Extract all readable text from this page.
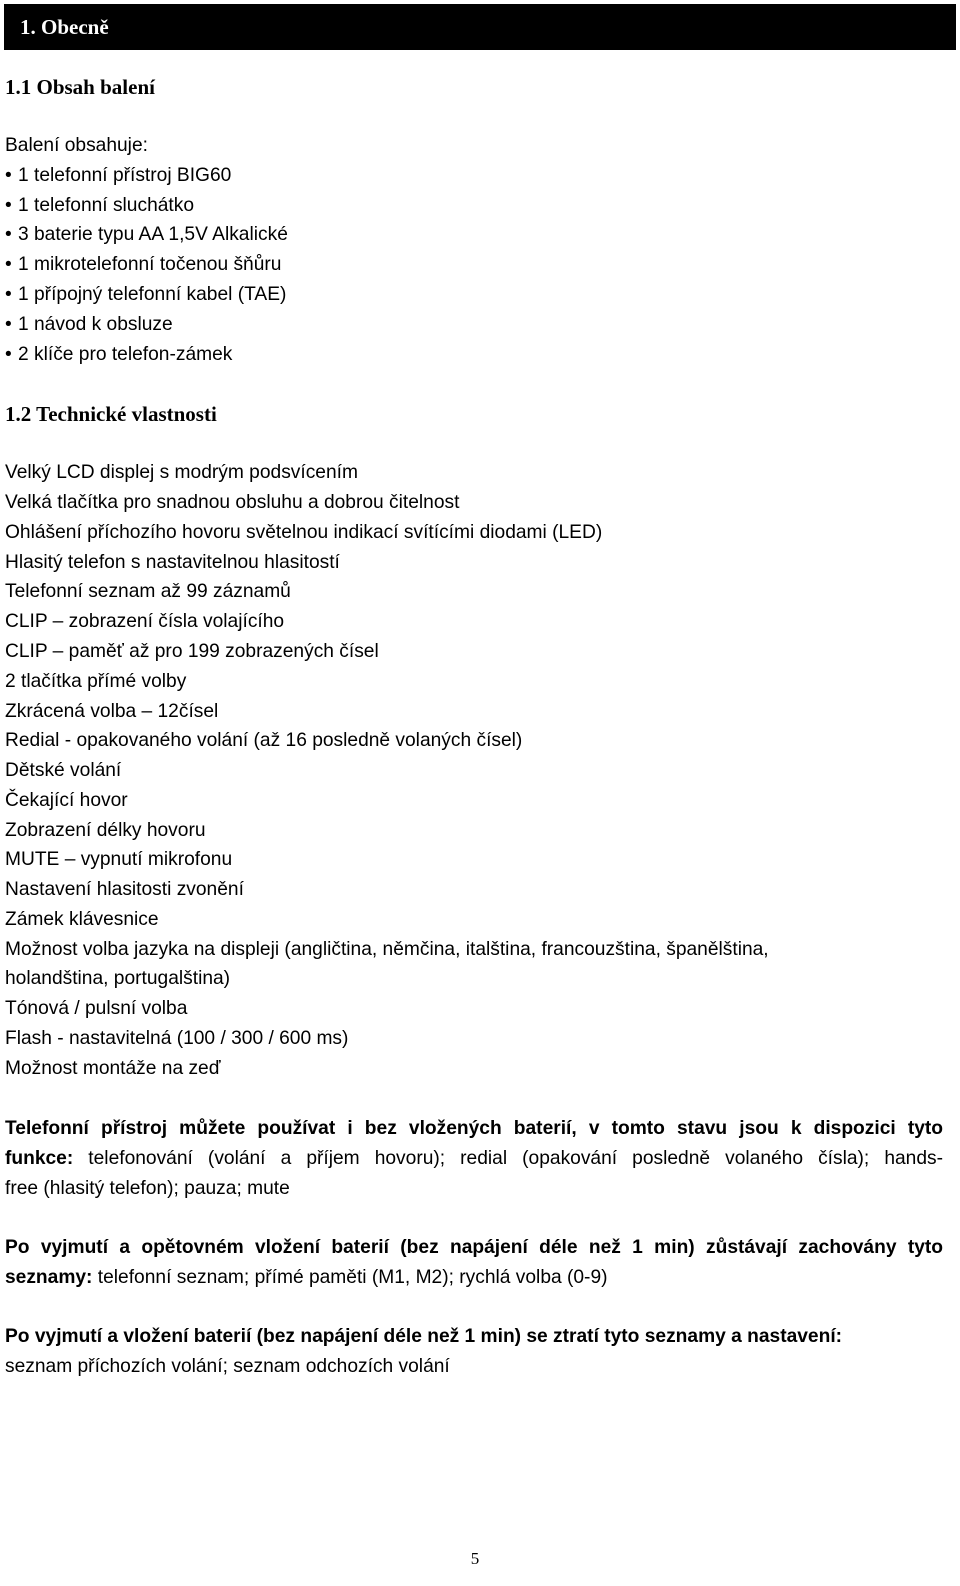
1. Obecně
1.1 Obsah balení

Balení obsahuje:

• 1 telefonní přístroj BIG60
• 1 telefonní sluchátko
• 3 baterie typu AA 1,5V Alkalické
• 1 mikrotelefonní točenou šňůru
• 1 přípojný telefonní kabel (TAE)
• 1 návod k obsluze
• 2 klíče pro telefon-zámek
1.2 Technické vlastnosti

Velký LCD displej s modrým podsvícením

Velká tlačítka pro snadnou obsluhu a dobrou čitelnost

Ohlášení příchozího hovoru světelnou indikací svítícími diodami (LED)

Hlasitý telefon s nastavitelnou hlasitostí

Telefonní seznam až 99 záznamů

CLIP – zobrazení čísla volajícího

CLIP – paměť až pro 199 zobrazených čísel

2 tlačítka přímé volby

Zkrácená volba – 12čísel

Redial - opakovaného volání (až 16 posledně volaných čísel)

Dětské volání

Čekající hovor

Zobrazení délky hovoru

MUTE – vypnutí mikrofonu

Nastavení hlasitosti zvonění

Zámek klávesnice

Možnost volba jazyka na displeji (angličtina, němčina, italština, francouzština, španělština,

holandština, portugalština)

Tónová / pulsní volba

Flash - nastavitelná (100 / 300 / 600 ms)

Možnost montáže na zeď

Telefonní přístroj můžete používat i bez vložených baterií, v tomto stavu jsou k dispozici tyto
funkce: telefonování (volání a příjem hovoru); redial (opakování posledně volaného čísla); hands-
free (hlasitý telefon); pauza; mute
Po vyjmutí a opětovném vložení baterií (bez napájení déle než 1 min) zůstávají zachovány tyto
seznamy: telefonní seznam; přímé paměti (M1, M2); rychlá volba (0-9)
Po vyjmutí a vložení baterií (bez napájení déle než 1 min) se ztratí tyto seznamy a nastavení:
seznam příchozích volání; seznam odchozích volání
5
